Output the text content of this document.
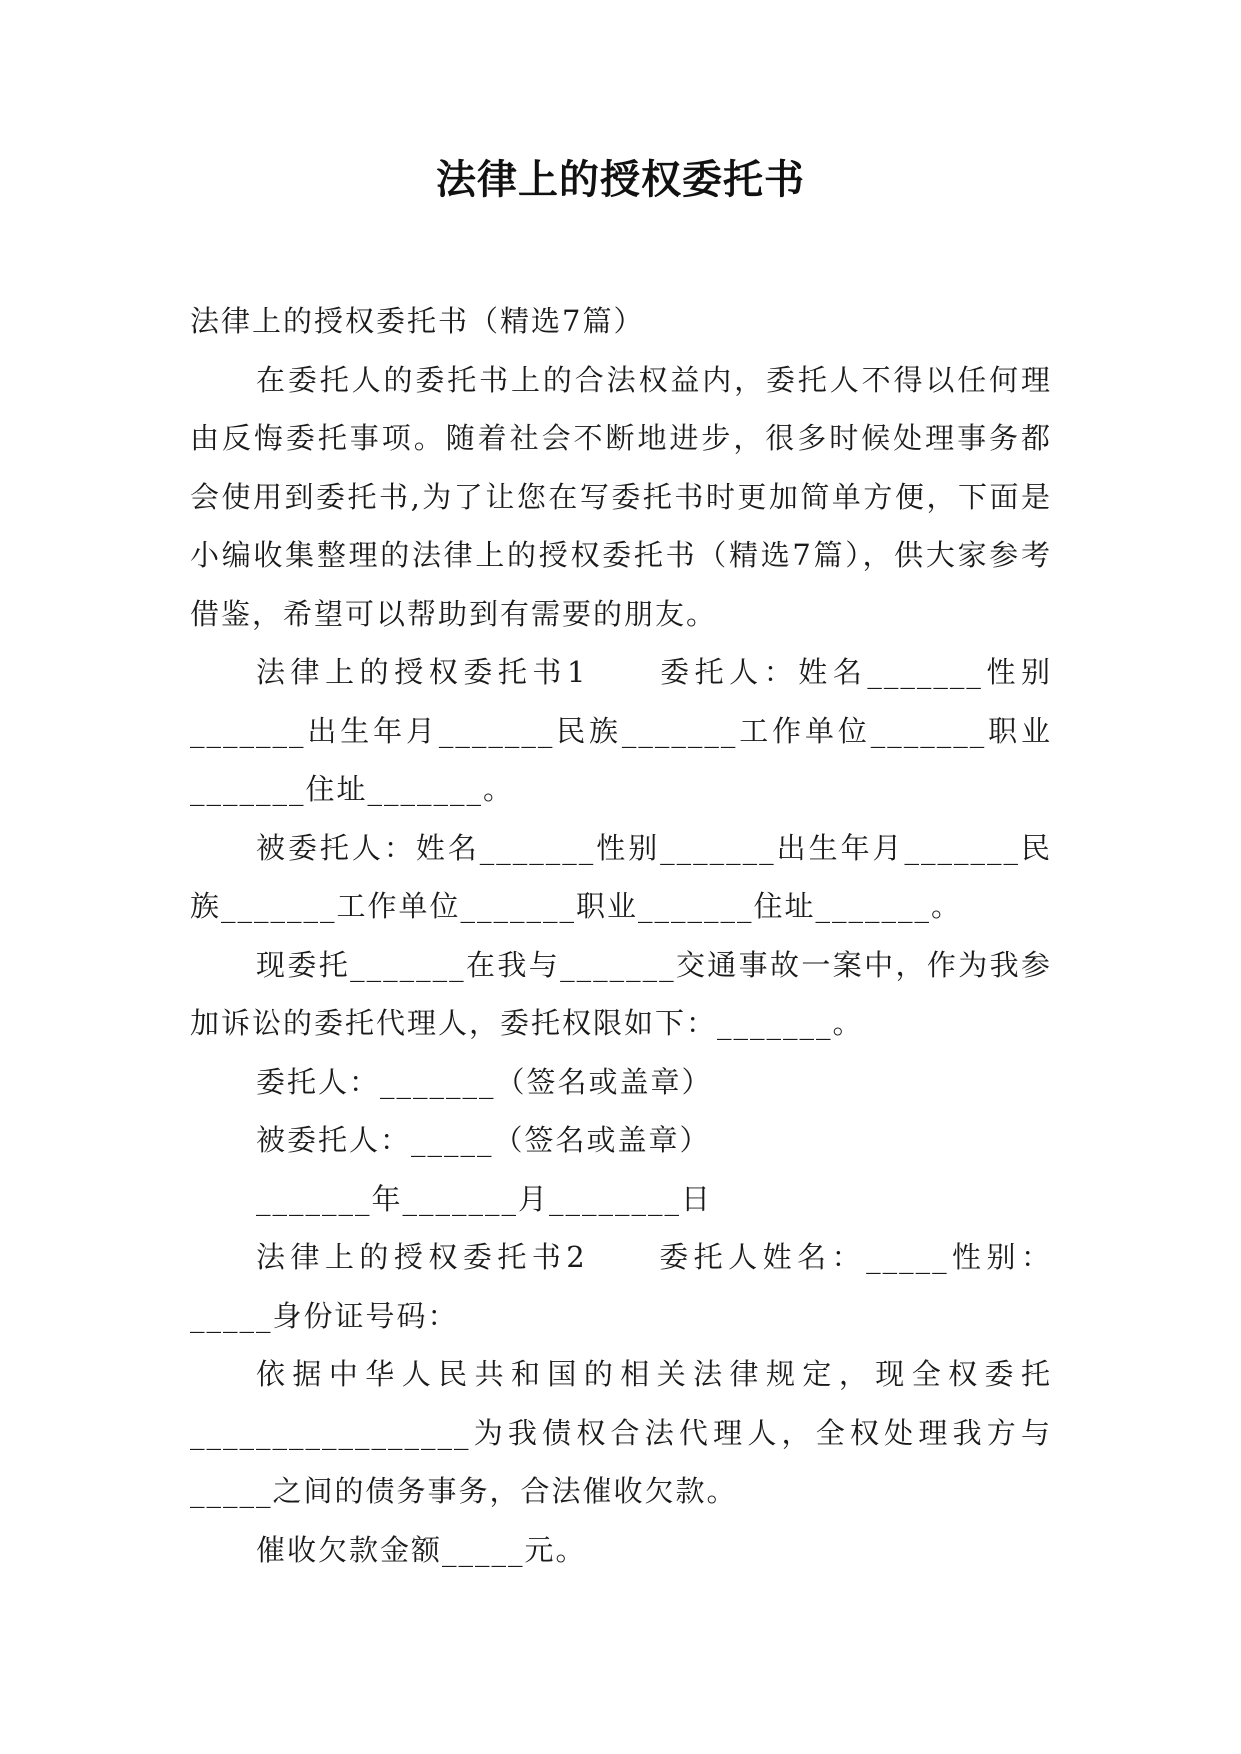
法律上的授权委托书

法律上的授权委托书（精选7篇）

在委托人的委托书上的合法权益内，委托人不得以任何理由反悔委托事项。随着社会不断地进步，很多时候处理事务都会使用到委托书,为了让您在写委托书时更加简单方便，下面是小编收集整理的法律上的授权委托书（精选7篇），供大家参考借鉴，希望可以帮助到有需要的朋友。

法律上的授权委托书1　　委托人：姓名_______性别_______出生年月_______民族_______工作单位_______职业_______住址_______。

被委托人：姓名_______性别_______出生年月_______民族_______工作单位_______职业_______住址_______。

现委托_______在我与_______交通事故一案中，作为我参加诉讼的委托代理人，委托权限如下：_______。

委托人：_______（签名或盖章）

被委托人：_____（签名或盖章）

_______年_______月________日

法律上的授权委托书2　　委托人姓名：_____性别：_____身份证号码：

依据中华人民共和国的相关法律规定，现全权委托_________________为我债权合法代理人，全权处理我方与_____之间的债务事务，合法催收欠款。

催收欠款金额_____元。
